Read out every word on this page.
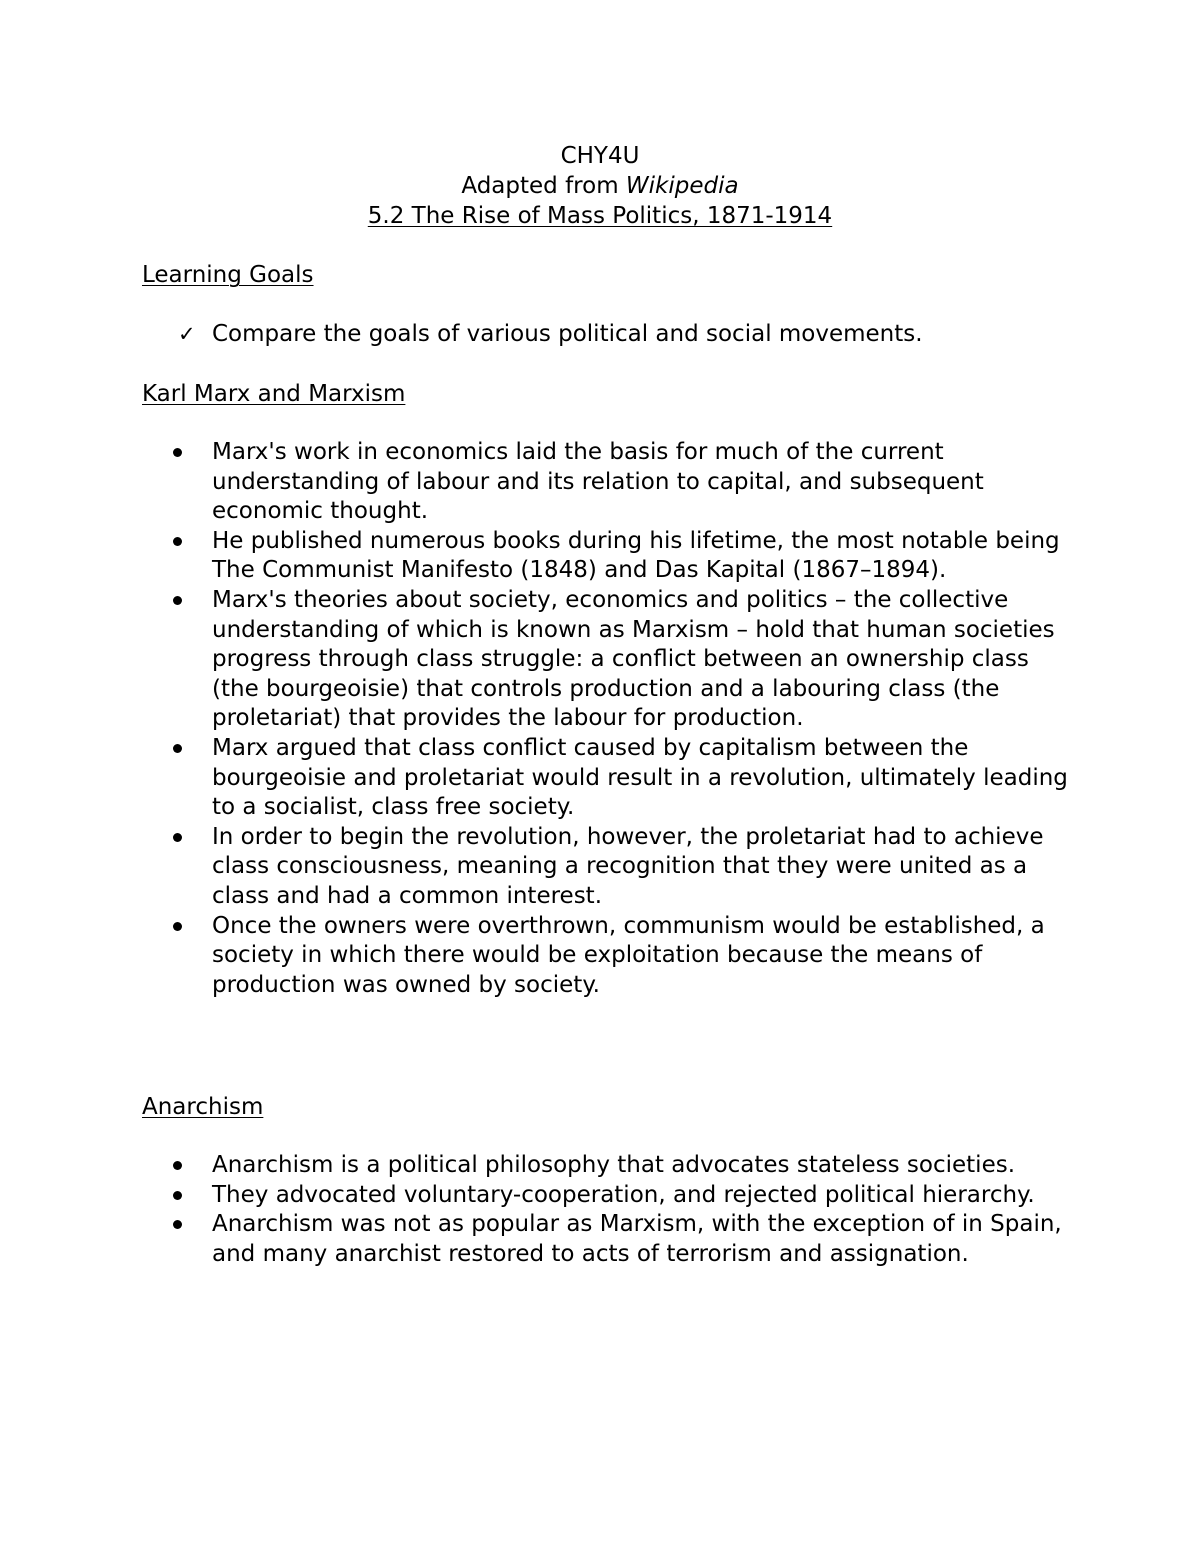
CHY4U
Adapted from Wikipedia
5.2 The Rise of Mass Politics, 1871-1914
Learning Goals
✓ Compare the goals of various political and social movements.
Karl Marx and Marxism
Marx's work in economics laid the basis for much of the current understanding of labour and its relation to capital, and subsequent economic thought.
He published numerous books during his lifetime, the most notable being The Communist Manifesto (1848) and Das Kapital (1867–1894).
Marx's theories about society, economics and politics – the collective understanding of which is known as Marxism – hold that human societies progress through class struggle: a conflict between an ownership class (the bourgeoisie) that controls production and a labouring class (the proletariat) that provides the labour for production.
Marx argued that class conflict caused by capitalism between the bourgeoisie and proletariat would result in a revolution, ultimately leading to a socialist, class free society.
In order to begin the revolution, however, the proletariat had to achieve class consciousness, meaning a recognition that they were united as a class and had a common interest.
Once the owners were overthrown, communism would be established, a society in which there would be exploitation because the means of production was owned by society.
Anarchism
Anarchism is a political philosophy that advocates stateless societies.
They advocated voluntary-cooperation, and rejected political hierarchy.
Anarchism was not as popular as Marxism, with the exception of in Spain, and many anarchist restored to acts of terrorism and assignation.
